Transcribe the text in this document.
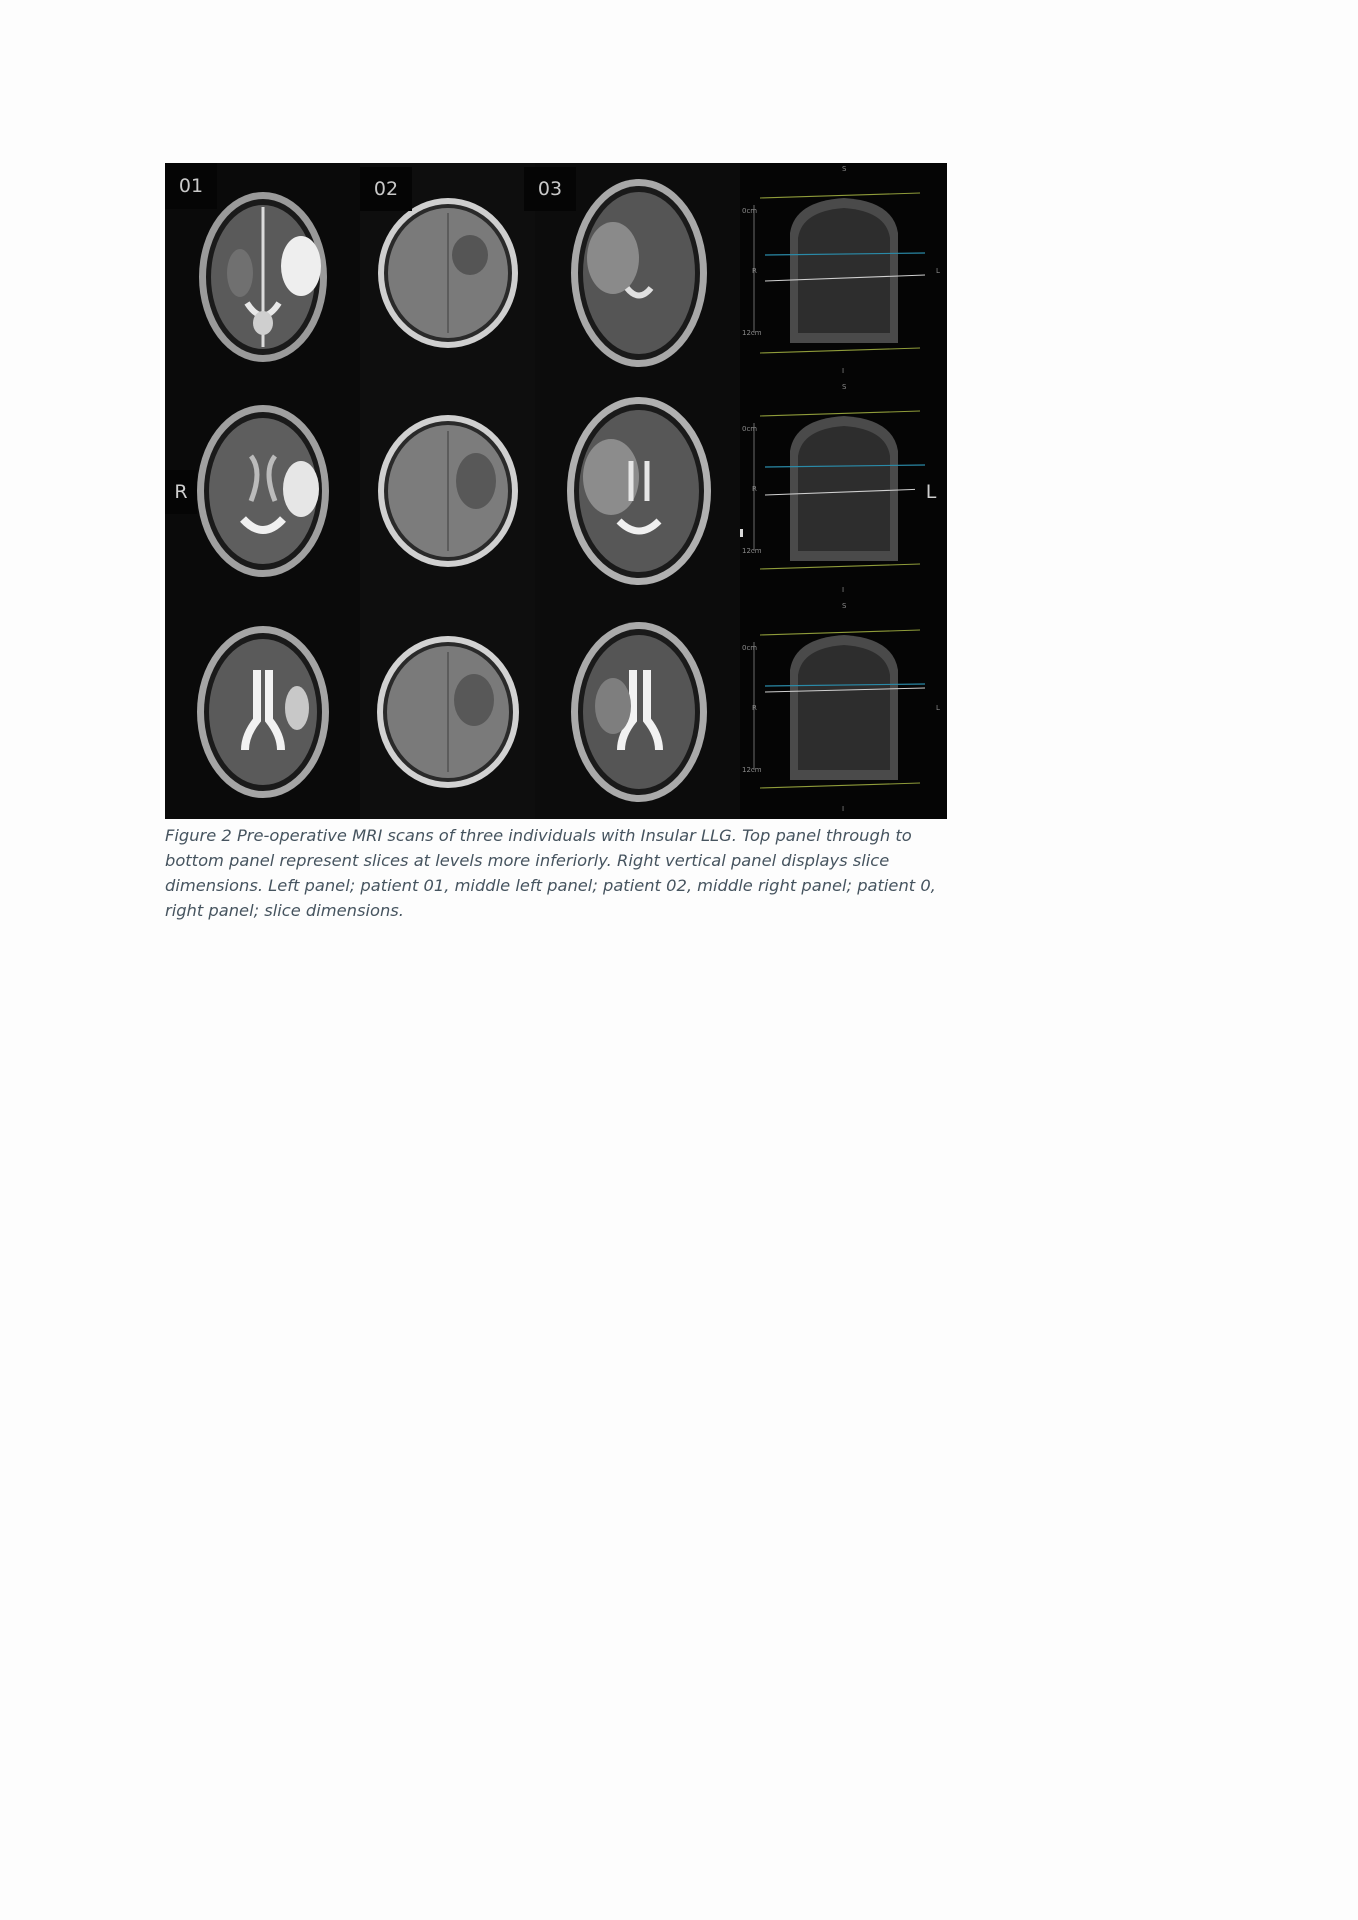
S
I
R	L
0cm
12cm
S
I
R
0cm
12cm
S
I
R	L
0cm
12cm
01	02	03
R	L
Figure 2 Pre-operative MRI scans of three individuals with Insular LLG. Top panel through to bottom panel represent slices at levels more inferiorly. Right vertical panel displays slice dimensions. Left panel; patient 01, middle left panel; patient 02, middle right panel; patient 0, right panel; slice dimensions.
